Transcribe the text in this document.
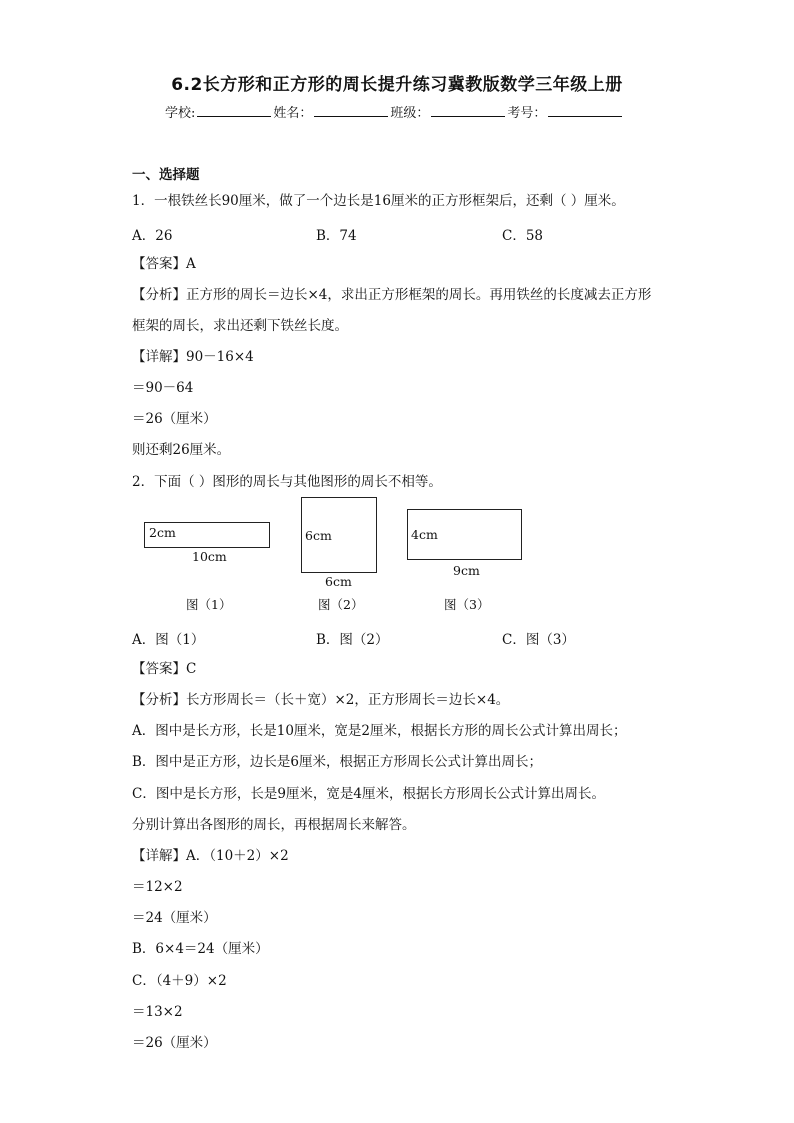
6.2长方形和正方形的周长提升练习冀教版数学三年级上册
学校:	姓名：	班级：	考号：
一、选择题
1．一根铁丝长90厘米，做了一个边长是16厘米的正方形框架后，还剩（ ）厘米。
A．26	B．74	C．58
【答案】A
【分析】正方形的周长＝边长×4，求出正方形框架的周长。再用铁丝的长度减去正方形
框架的周长，求出还剩下铁丝长度。
【详解】90－16×4
＝90－64
＝26（厘米）
则还剩26厘米。
2．下面（ ）图形的周长与其他图形的周长不相等。
2cm
10cm
图（1）
6cm
6cm
图（2）
4cm
9cm
图（3）
A．图（1）	B．图（2）	C．图（3）
【答案】C
【分析】长方形周长＝（长＋宽）×2，正方形周长＝边长×4。
A．图中是长方形，长是10厘米，宽是2厘米，根据长方形的周长公式计算出周长；
B．图中是正方形，边长是6厘米，根据正方形周长公式计算出周长；
C．图中是长方形，长是9厘米，宽是4厘米，根据长方形周长公式计算出周长。
分别计算出各图形的周长，再根据周长来解答。
【详解】A．（10＋2）×2
＝12×2
＝24（厘米）
B．6×4＝24（厘米）
C．（4＋9）×2
＝13×2
＝26（厘米）
